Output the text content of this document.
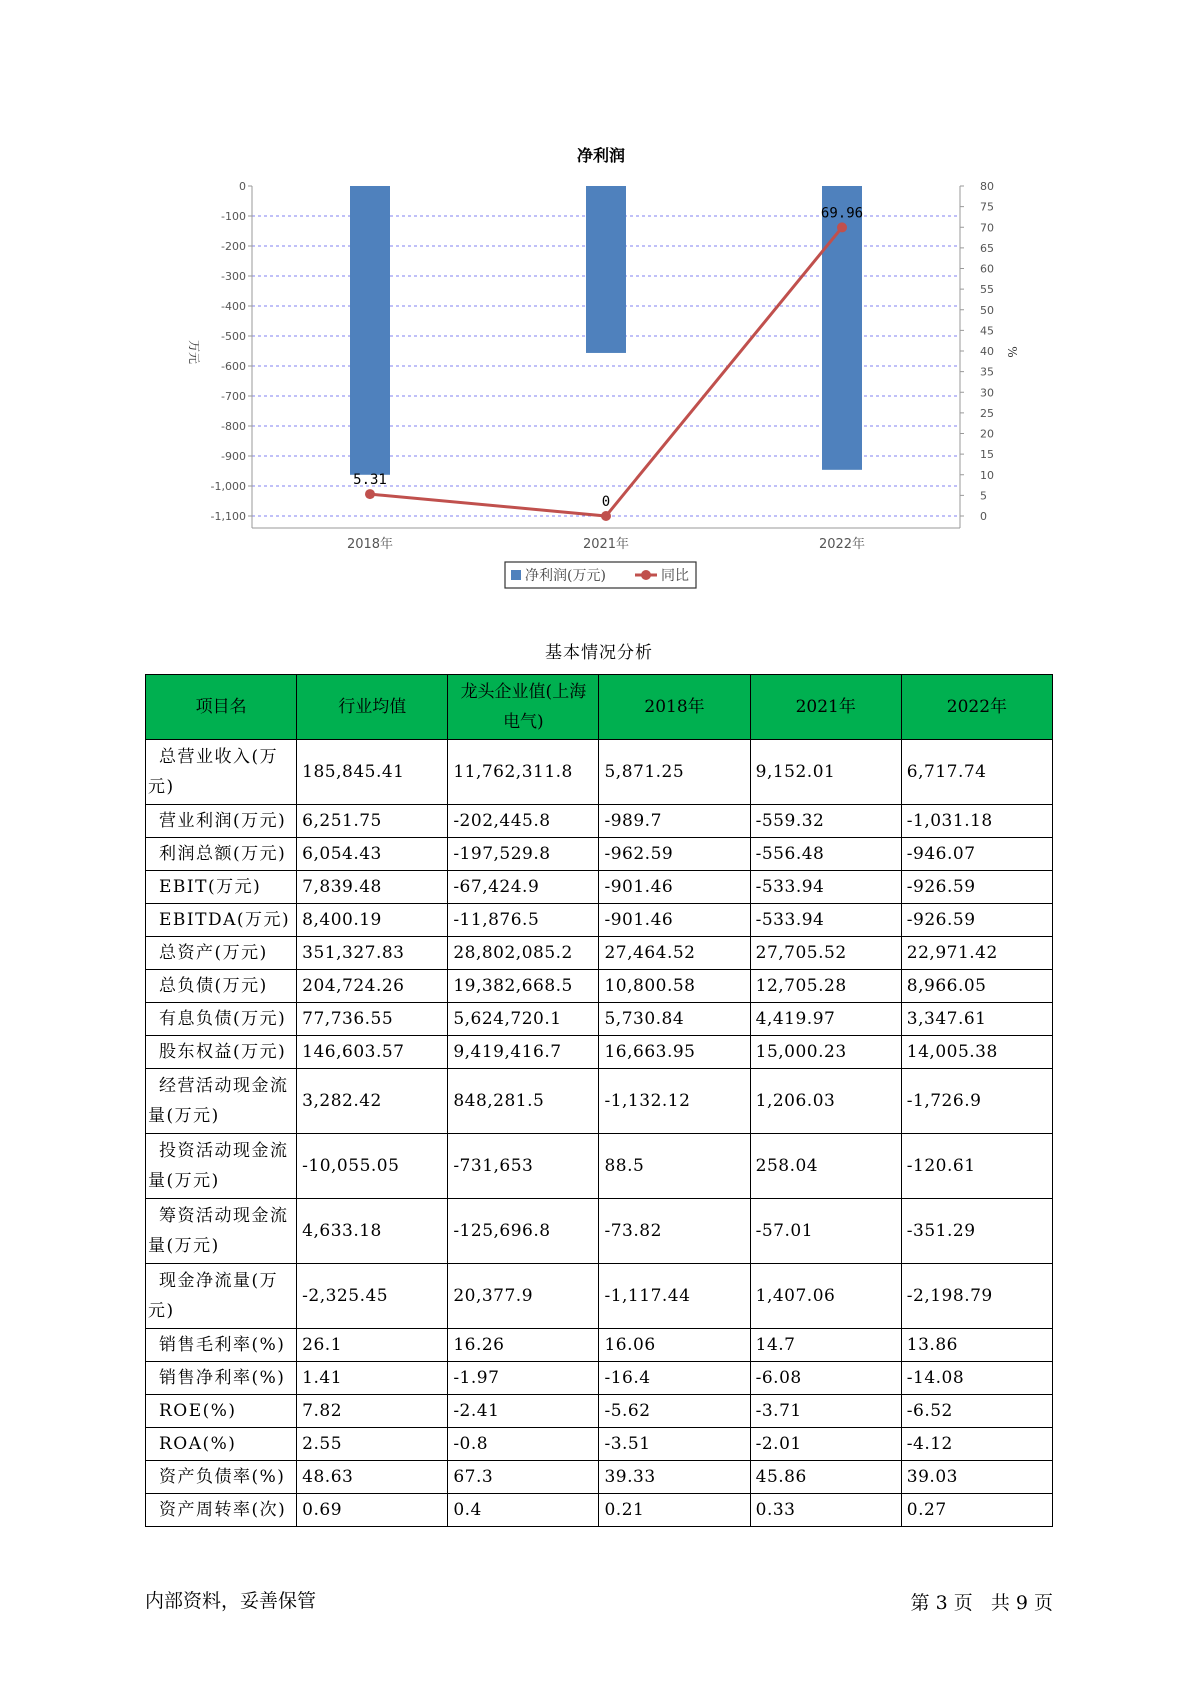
净利润
0
-100
-200
-300
-400
-500
-600
-700
-800
-900
-1,000
-1,100
80
75
70
65
60
55
50
45
40
35
30
25
20
15
10
5
0
万元	%
2018年	2021年	2022年
5.31
0
69.96
净利润(万元)	同比
基本情况分析
项目名	行业均值	龙头企业值(上海电气)	2018年	2021年	2022年
总营业收入(万元)	185,845.41	11,762,311.8	5,871.25	9,152.01	6,717.74
营业利润(万元)	6,251.75	-202,445.8	-989.7	-559.32	-1,031.18
利润总额(万元)	6,054.43	-197,529.8	-962.59	-556.48	-946.07
EBIT(万元)	7,839.48	-67,424.9	-901.46	-533.94	-926.59
EBITDA(万元)	8,400.19	-11,876.5	-901.46	-533.94	-926.59
总资产(万元)	351,327.83	28,802,085.2	27,464.52	27,705.52	22,971.42
总负债(万元)	204,724.26	19,382,668.5	10,800.58	12,705.28	8,966.05
有息负债(万元)	77,736.55	5,624,720.1	5,730.84	4,419.97	3,347.61
股东权益(万元)	146,603.57	9,419,416.7	16,663.95	15,000.23	14,005.38
经营活动现金流量(万元)	3,282.42	848,281.5	-1,132.12	1,206.03	-1,726.9
投资活动现金流量(万元)	-10,055.05	-731,653	88.5	258.04	-120.61
筹资活动现金流量(万元)	4,633.18	-125,696.8	-73.82	-57.01	-351.29
现金净流量(万元)	-2,325.45	20,377.9	-1,117.44	1,407.06	-2,198.79
销售毛利率(%)	26.1	16.26	16.06	14.7	13.86
销售净利率(%)	1.41	-1.97	-16.4	-6.08	-14.08
ROE(%)	7.82	-2.41	-5.62	-3.71	-6.52
ROA(%)	2.55	-0.8	-3.51	-2.01	-4.12
资产负债率(%)	48.63	67.3	39.33	45.86	39.03
资产周转率(次)	0.69	0.4	0.21	0.33	0.27
内部资料，妥善保管	第 3 页   共 9 页
